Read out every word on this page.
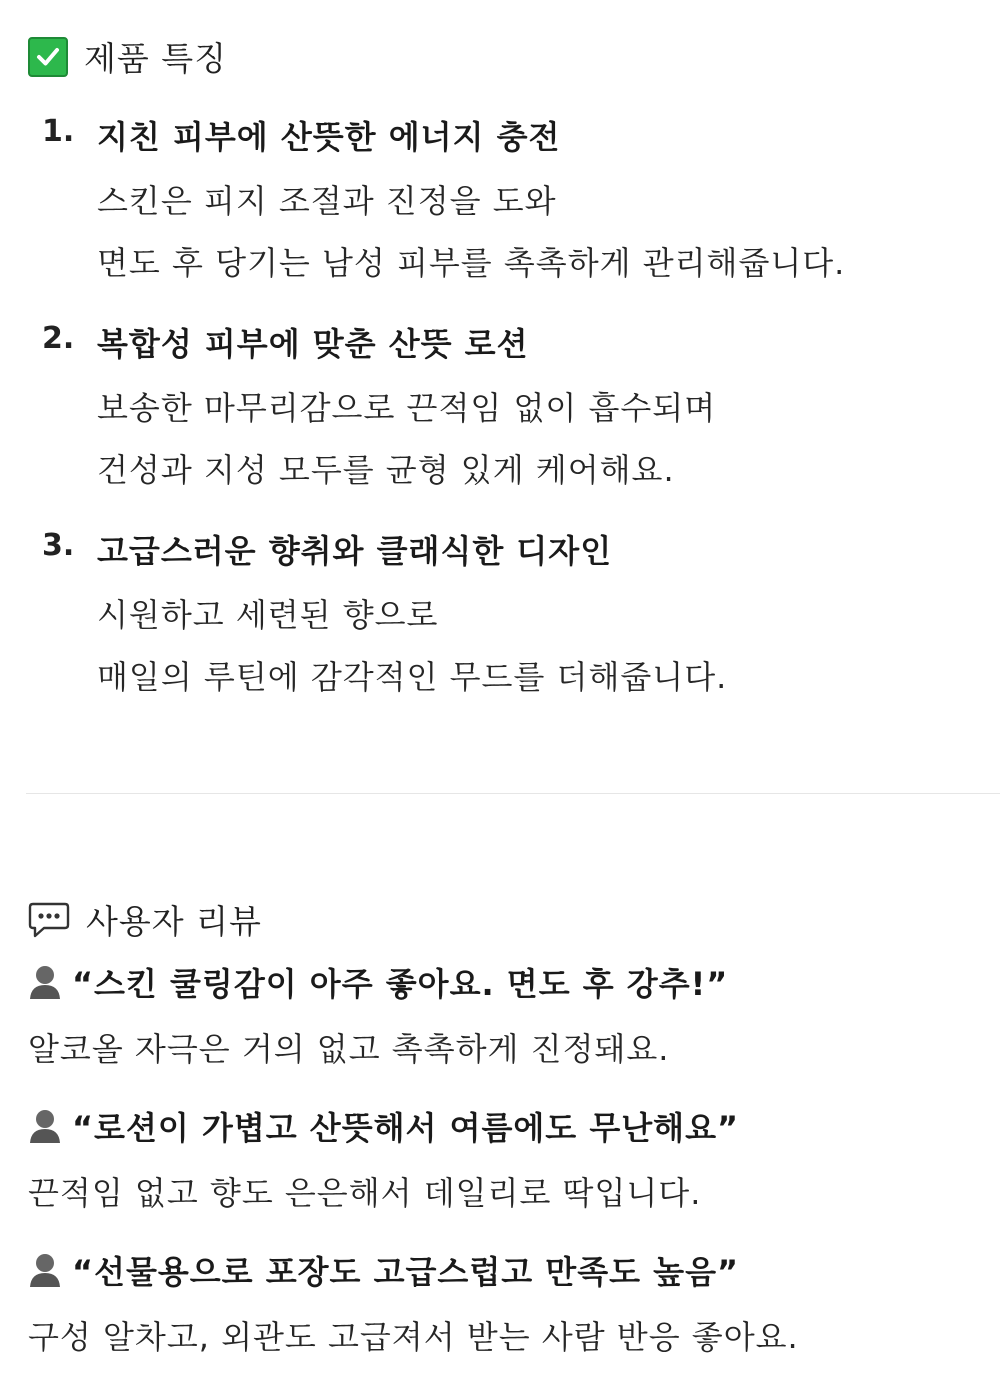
제품 특징
1. 지친 피부에 산뜻한 에너지 충전
스킨은 피지 조절과 진정을 도와
면도 후 당기는 남성 피부를 촉촉하게 관리해줍니다.
2. 복합성 피부에 맞춘 산뜻 로션
보송한 마무리감으로 끈적임 없이 흡수되며
건성과 지성 모두를 균형 있게 케어해요.
3. 고급스러운 향취와 클래식한 디자인
시원하고 세련된 향으로
매일의 루틴에 감각적인 무드를 더해줍니다.
사용자 리뷰
“스킨 쿨링감이 아주 좋아요. 면도 후 강추!”
알코올 자극은 거의 없고 촉촉하게 진정돼요.
“로션이 가볍고 산뜻해서 여름에도 무난해요”
끈적임 없고 향도 은은해서 데일리로 딱입니다.
“선물용으로 포장도 고급스럽고 만족도 높음”
구성 알차고, 외관도 고급져서 받는 사람 반응 좋아요.
